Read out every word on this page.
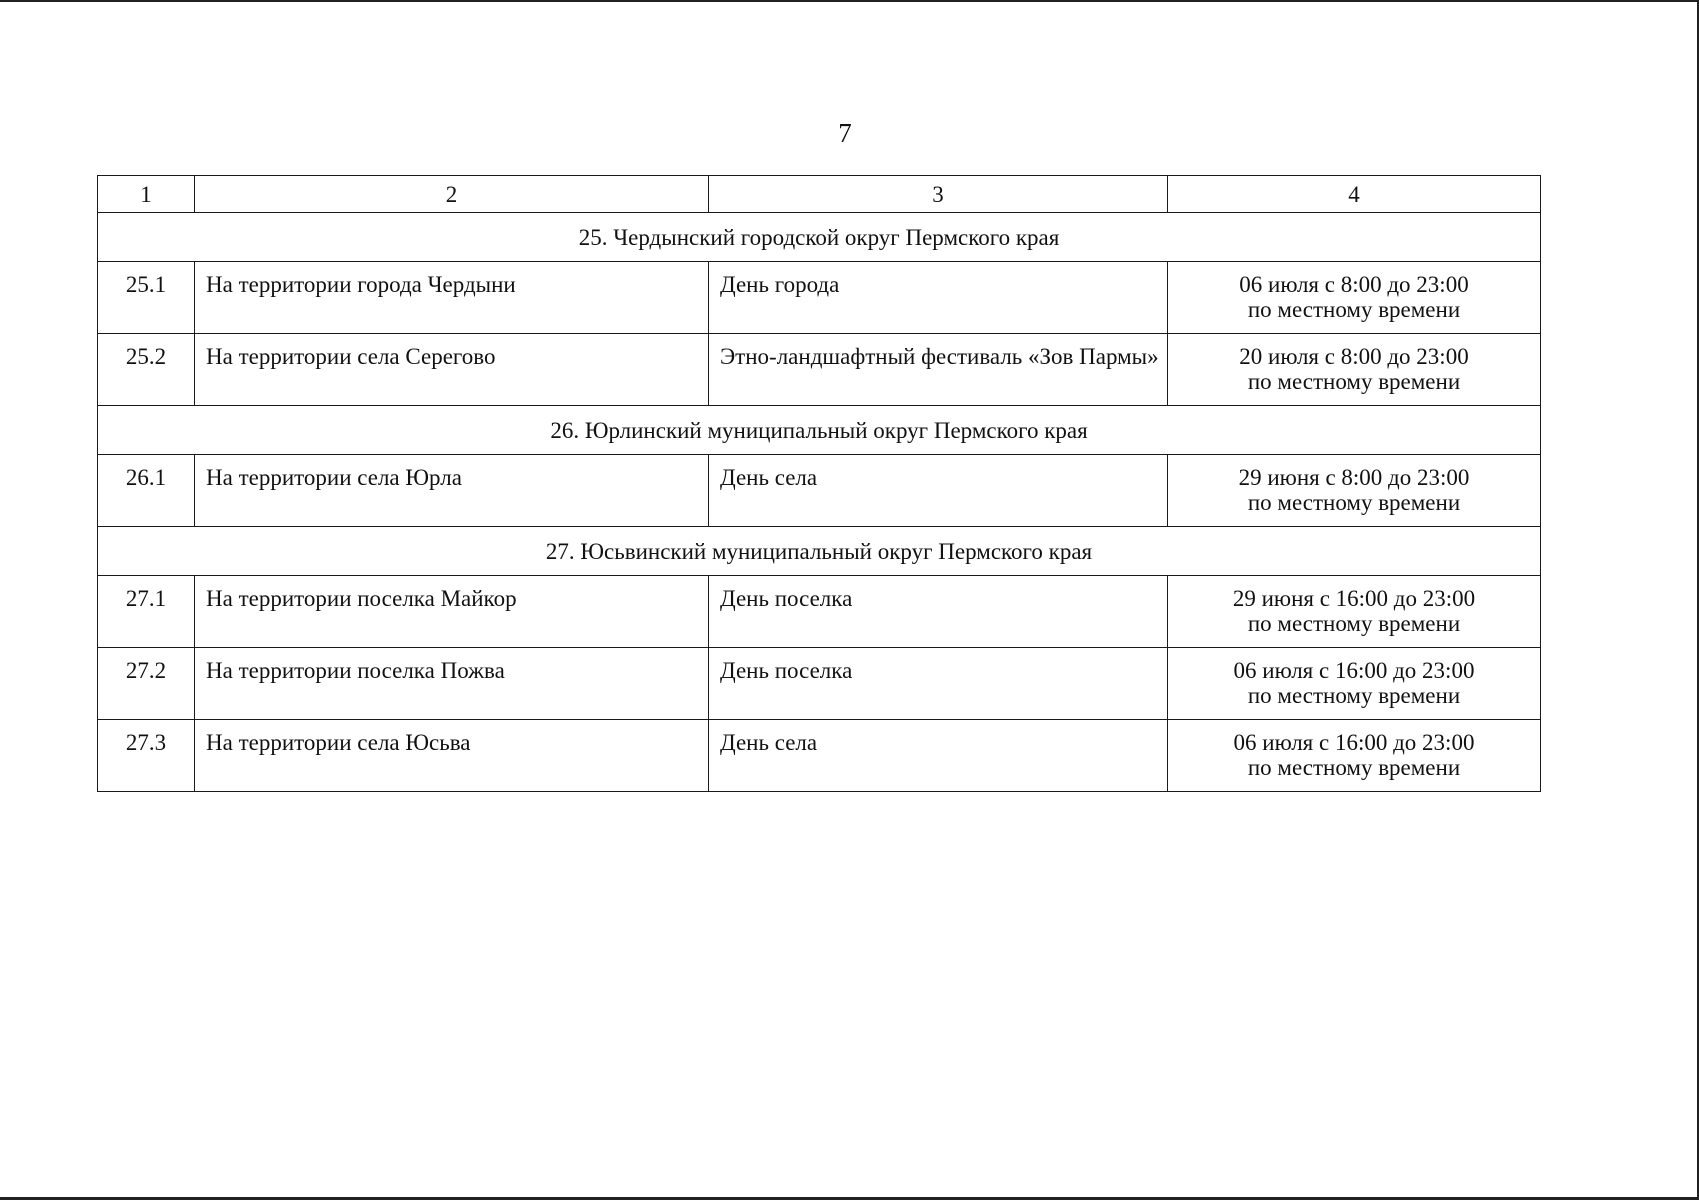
7
1	2	3	4
25. Чердынский городской округ Пермского края			
25.1	На территории города Чердыни	День города	06 июля с 8:00 до 23:00
по местному времени

25.2	На территории села Серегово	Этно-ландшафтный фестиваль «Зов Пармы»	20 июля с 8:00 до 23:00
по местному времени

26. Юрлинский муниципальный округ Пермского края			
26.1	На территории села Юрла	День села	29 июня с 8:00 до 23:00
по местному времени

27. Юсьвинский муниципальный округ Пермского края			
27.1	На территории поселка Майкор	День поселка	29 июня с 16:00 до 23:00
по местному времени

27.2	На территории поселка Пожва	День поселка	06 июля с 16:00 до 23:00
по местному времени

27.3	На территории села Юсьва	День села	06 июля с 16:00 до 23:00
по местному времени
